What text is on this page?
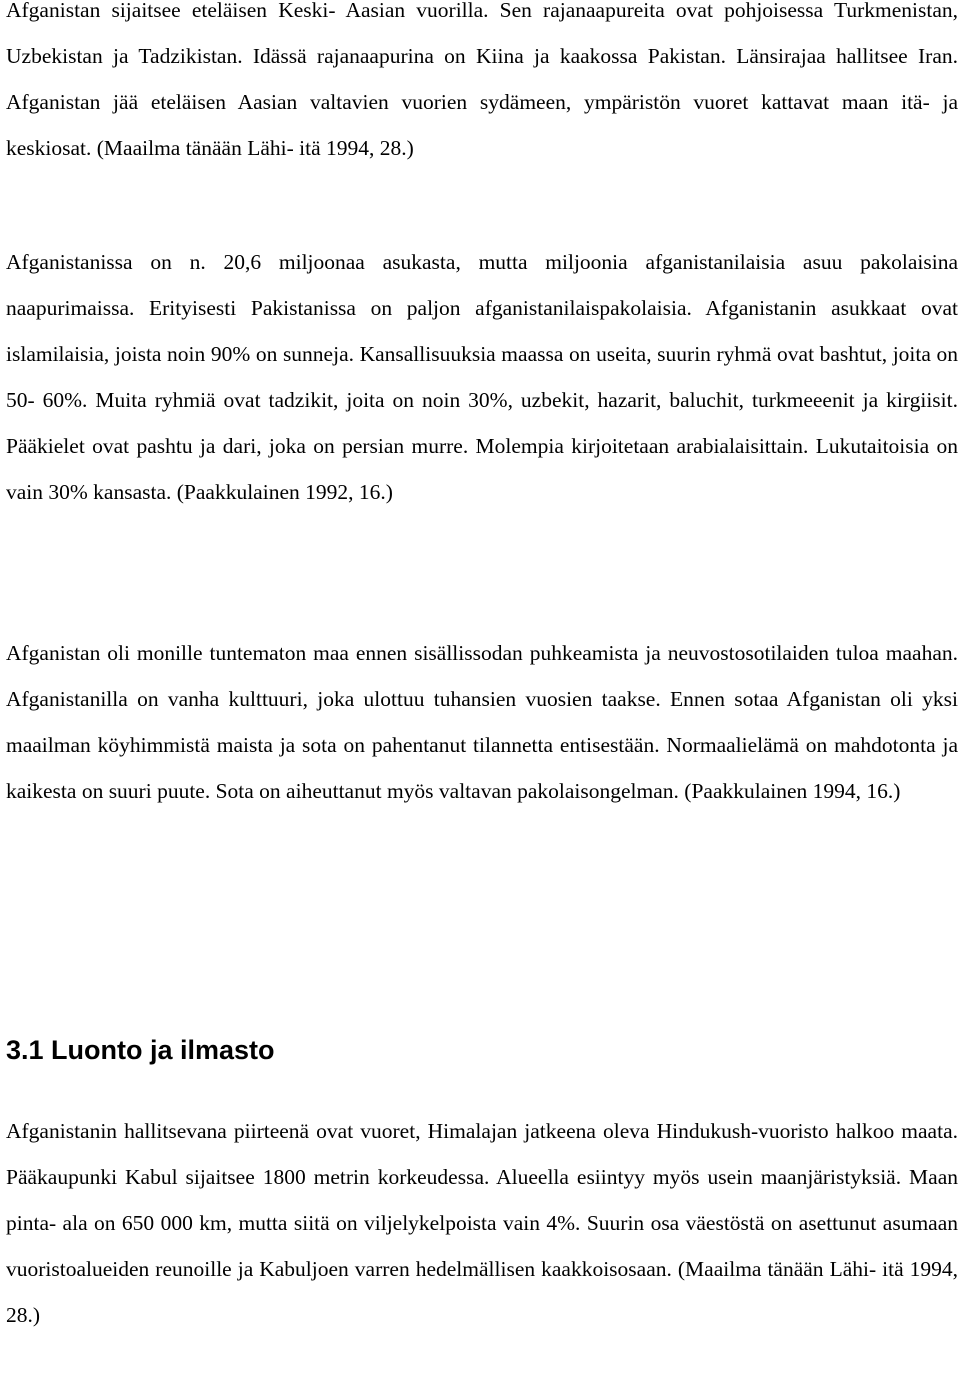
Afganistan sijaitsee eteläisen Keski- Aasian vuorilla. Sen rajanaapureita ovat pohjoisessa Turkmenistan, Uzbekistan ja Tadzikistan. Idässä rajanaapurina on Kiina ja kaakossa Pakistan. Länsirajaa hallitsee Iran. Afganistan jää eteläisen Aasian valtavien vuorien sydämeen, ympäristön vuoret kattavat maan itä- ja keskiosat. (Maailma tänään Lähi- itä 1994, 28.)

Afganistanissa on n. 20,6 miljoonaa asukasta, mutta miljoonia afganistanilaisia asuu pakolaisina naapurimaissa. Erityisesti Pakistanissa on paljon afganistanilaispakolaisia. Afganistanin asukkaat ovat islamilaisia, joista noin 90% on sunneja. Kansallisuuksia maassa on useita, suurin ryhmä ovat bashtut, joita on 50- 60%. Muita ryhmiä ovat tadzikit, joita on noin 30%, uzbekit, hazarit, baluchit, turkmeeenit ja kirgiisit. Pääkielet ovat pashtu ja dari, joka on persian murre. Molempia kirjoitetaan arabialaisittain. Lukutaitoisia on vain 30% kansasta. (Paakkulainen 1992, 16.)

Afganistan oli monille tuntematon maa ennen sisällissodan puhkeamista ja neuvostosotilaiden tuloa maahan. Afganistanilla on vanha kulttuuri, joka ulottuu tuhansien vuosien taakse. Ennen sotaa Afganistan oli yksi maailman köyhimmistä maista ja sota on pahentanut tilannetta entisestään. Normaalielämä on mahdotonta ja kaikesta on suuri puute. Sota on aiheuttanut myös valtavan pakolaisongelman. (Paakkulainen 1994, 16.)

3.1 Luonto ja ilmasto

Afganistanin hallitsevana piirteenä ovat vuoret, Himalajan jatkeena oleva Hindukush-vuoristo halkoo maata. Pääkaupunki Kabul sijaitsee 1800 metrin korkeudessa. Alueella esiintyy myös usein maanjäristyksiä. Maan pinta- ala on 650 000 km, mutta siitä on viljelykelpoista vain 4%. Suurin osa väestöstä on asettunut asumaan vuoristoalueiden reunoille ja Kabuljoen varren hedelmällisen kaakkoisosaan. (Maailma tänään Lähi- itä 1994, 28.)
